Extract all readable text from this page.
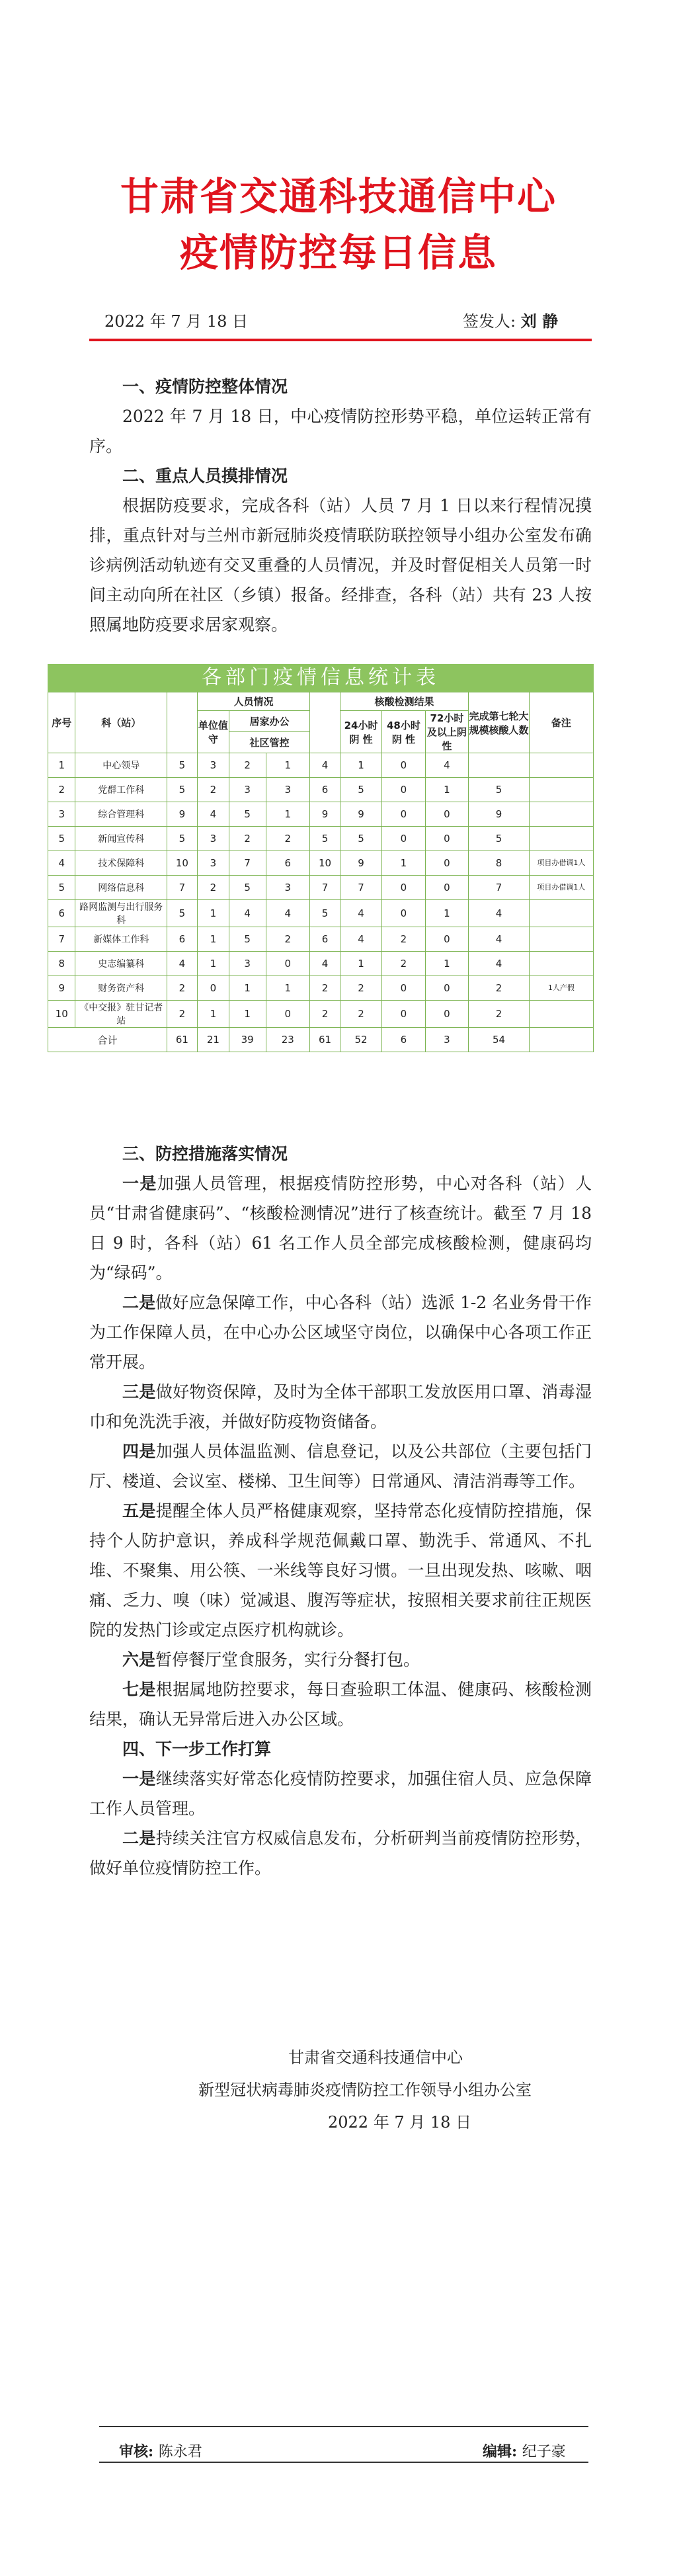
甘肃省交通科技通信中心
疫情防控每日信息
2022 年 7 月 18 日	签发人: 刘 静

一、疫情防控整体情况

2022 年 7 月 18 日，中心疫情防控形势平稳，单位运转正常有序。

二、重点人员摸排情况

根据防疫要求，完成各科（站）人员 7 月 1 日以来行程情况摸排，重点针对与兰州市新冠肺炎疫情联防联控领导小组办公室发布确诊病例活动轨迹有交叉重叠的人员情况，并及时督促相关人员第一时间主动向所在社区（乡镇）报备。经排查，各科（站）共有 23 人按照属地防疫要求居家观察。

各部门疫情信息统计表
序号	科（站）		人员情况				核酸检测结果			完成第七轮大规模核酸人数	备注
			单位值守	居家办公			24小时阴 性	48小时阴 性	72小时及以上阴性		
				社区管控							
1	中心领导	5	3	2	1	4	1	0	4		
2	党群工作科	5	2	3	3	6	5	0	1	5	
3	综合管理科	9	4	5	1	9	9	0	0	9	
5	新闻宣传科	5	3	2	2	5	5	0	0	5	
4	技术保障科	10	3	7	6	10	9	1	0	8	项目办借调1人
5	网络信息科	7	2	5	3	7	7	0	0	7	项目办借调1人
6	路网监测与出行服务科	5	1	4	4	5	4	0	1	4	
7	新媒体工作科	6	1	5	2	6	4	2	0	4	
8	史志编纂科	4	1	3	0	4	1	2	1	4	
9	财务资产科	2	0	1	1	2	2	0	0	2	1人产假
10	《中交报》驻甘记者站	2	1	1	0	2	2	0	0	2	
合计		61	21	39	23	61	52	6	3	54	

三、防控措施落实情况

一是加强人员管理，根据疫情防控形势，中心对各科（站）人员“甘肃省健康码”、“核酸检测情况”进行了核查统计。截至 7 月 18 日 9 时，各科（站）61 名工作人员全部完成核酸检测，健康码均为“绿码”。

二是做好应急保障工作，中心各科（站）选派 1-2 名业务骨干作为工作保障人员，在中心办公区域坚守岗位，以确保中心各项工作正常开展。

三是做好物资保障，及时为全体干部职工发放医用口罩、消毒湿巾和免洗洗手液，并做好防疫物资储备。

四是加强人员体温监测、信息登记，以及公共部位（主要包括门厅、楼道、会议室、楼梯、卫生间等）日常通风、清洁消毒等工作。

五是提醒全体人员严格健康观察，坚持常态化疫情防控措施，保持个人防护意识，养成科学规范佩戴口罩、勤洗手、常通风、不扎堆、不聚集、用公筷、一米线等良好习惯。一旦出现发热、咳嗽、咽痛、乏力、嗅（味）觉减退、腹泻等症状，按照相关要求前往正规医院的发热门诊或定点医疗机构就诊。

六是暂停餐厅堂食服务，实行分餐打包。

七是根据属地防控要求，每日查验职工体温、健康码、核酸检测结果，确认无异常后进入办公区域。

四、下一步工作打算

一是继续落实好常态化疫情防控要求，加强住宿人员、应急保障工作人员管理。

二是持续关注官方权威信息发布，分析研判当前疫情防控形势，做好单位疫情防控工作。

甘肃省交通科技通信中心
新型冠状病毒肺炎疫情防控工作领导小组办公室
2022 年 7 月 18 日
审核: 陈永君	编辑: 纪子豪
